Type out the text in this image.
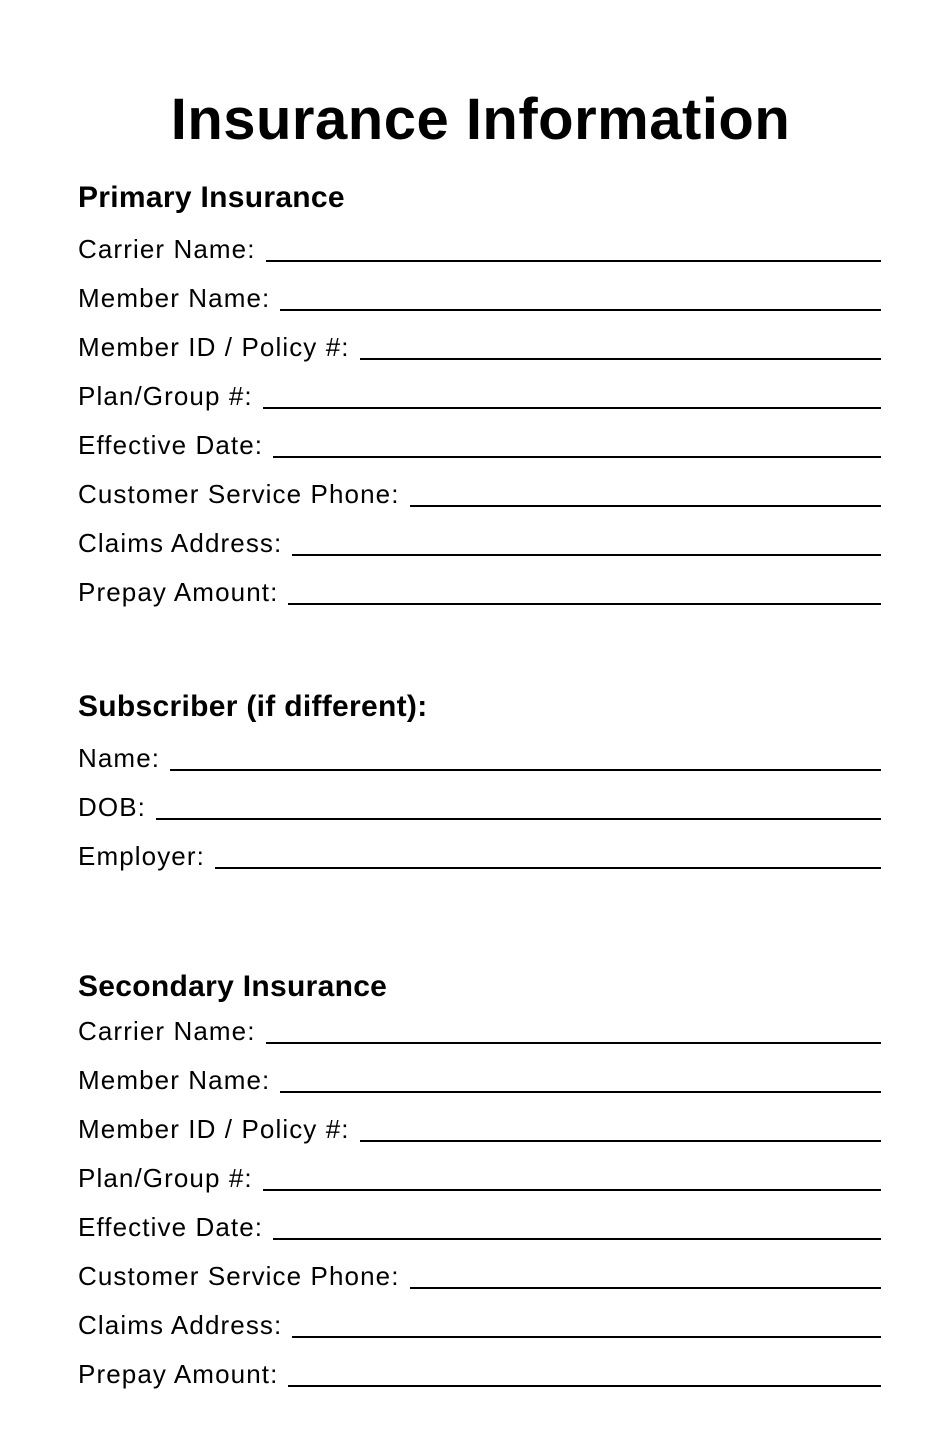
Insurance Information
Primary Insurance
Carrier Name:
Member Name:
Member ID / Policy #:
Plan/Group #:
Effective Date:
Customer Service Phone:
Claims Address:
Prepay Amount:
Subscriber (if different):
Name:
DOB:
Employer:
Secondary Insurance
Carrier Name:
Member Name:
Member ID / Policy #:
Plan/Group #:
Effective Date:
Customer Service Phone:
Claims Address:
Prepay Amount:
